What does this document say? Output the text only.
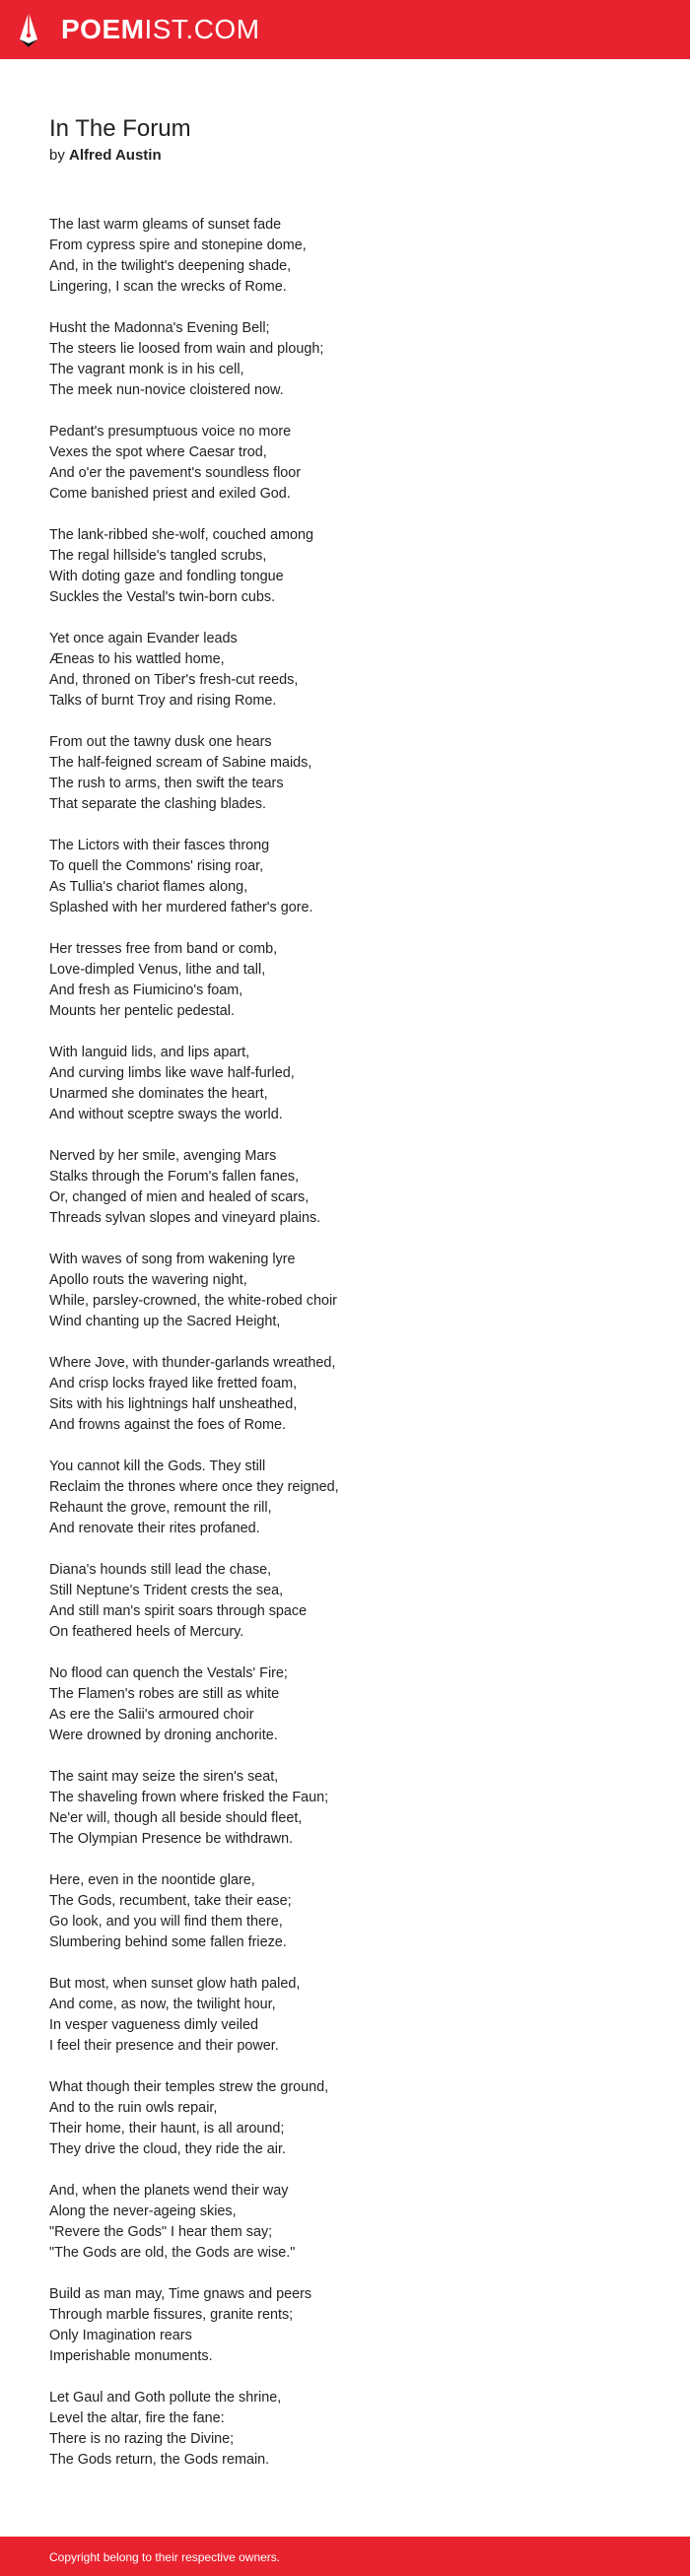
POEMIST.COM
In The Forum
by Alfred Austin
The last warm gleams of sunset fade
From cypress spire and stonepine dome,
And, in the twilight's deepening shade,
Lingering, I scan the wrecks of Rome.
Husht the Madonna's Evening Bell;
The steers lie loosed from wain and plough;
The vagrant monk is in his cell,
The meek nun-novice cloistered now.
Pedant's presumptuous voice no more
Vexes the spot where Caesar trod,
And o'er the pavement's soundless floor
Come banished priest and exiled God.
The lank-ribbed she-wolf, couched among
The regal hillside's tangled scrubs,
With doting gaze and fondling tongue
Suckles the Vestal's twin-born cubs.
Yet once again Evander leads
Æneas to his wattled home,
And, throned on Tiber's fresh-cut reeds,
Talks of burnt Troy and rising Rome.
From out the tawny dusk one hears
The half-feigned scream of Sabine maids,
The rush to arms, then swift the tears
That separate the clashing blades.
The Lictors with their fasces throng
To quell the Commons' rising roar,
As Tullia's chariot flames along,
Splashed with her murdered father's gore.
Her tresses free from band or comb,
Love-dimpled Venus, lithe and tall,
And fresh as Fiumicino's foam,
Mounts her pentelic pedestal.
With languid lids, and lips apart,
And curving limbs like wave half-furled,
Unarmed she dominates the heart,
And without sceptre sways the world.
Nerved by her smile, avenging Mars
Stalks through the Forum's fallen fanes,
Or, changed of mien and healed of scars,
Threads sylvan slopes and vineyard plains.
With waves of song from wakening lyre
Apollo routs the wavering night,
While, parsley-crowned, the white-robed choir
Wind chanting up the Sacred Height,
Where Jove, with thunder-garlands wreathed,
And crisp locks frayed like fretted foam,
Sits with his lightnings half unsheathed,
And frowns against the foes of Rome.
You cannot kill the Gods. They still
Reclaim the thrones where once they reigned,
Rehaunt the grove, remount the rill,
And renovate their rites profaned.
Diana's hounds still lead the chase,
Still Neptune's Trident crests the sea,
And still man's spirit soars through space
On feathered heels of Mercury.
No flood can quench the Vestals' Fire;
The Flamen's robes are still as white
As ere the Salii's armoured choir
Were drowned by droning anchorite.
The saint may seize the siren's seat,
The shaveling frown where frisked the Faun;
Ne'er will, though all beside should fleet,
The Olympian Presence be withdrawn.
Here, even in the noontide glare,
The Gods, recumbent, take their ease;
Go look, and you will find them there,
Slumbering behind some fallen frieze.
But most, when sunset glow hath paled,
And come, as now, the twilight hour,
In vesper vagueness dimly veiled
I feel their presence and their power.
What though their temples strew the ground,
And to the ruin owls repair,
Their home, their haunt, is all around;
They drive the cloud, they ride the air.
And, when the planets wend their way
Along the never-ageing skies,
"Revere the Gods" I hear them say;
"The Gods are old, the Gods are wise."
Build as man may, Time gnaws and peers
Through marble fissures, granite rents;
Only Imagination rears
Imperishable monuments.
Let Gaul and Goth pollute the shrine,
Level the altar, fire the fane:
There is no razing the Divine;
The Gods return, the Gods remain.
Copyright belong to their respective owners.
